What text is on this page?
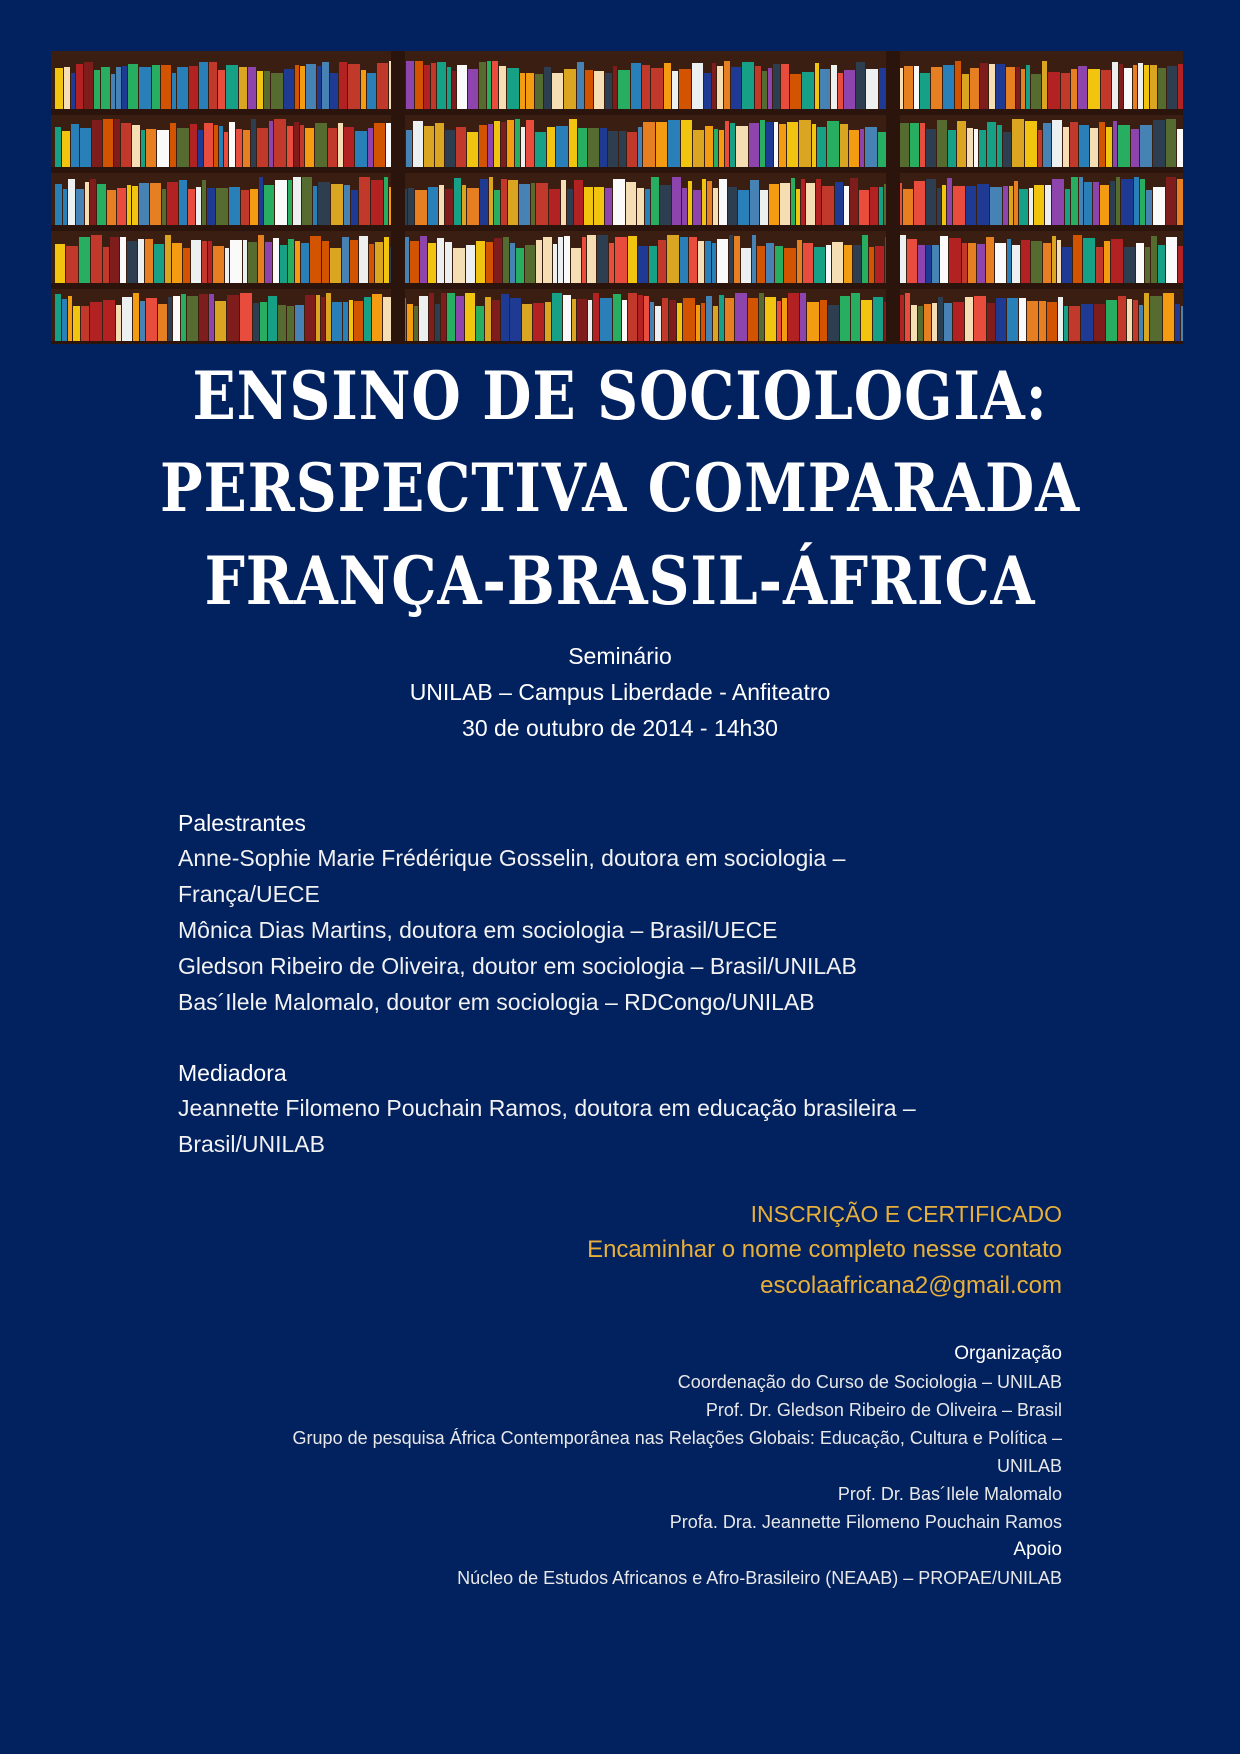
ENSINO DE SOCIOLOGIA:
PERSPECTIVA COMPARADA
FRANÇA-BRASIL-ÁFRICA
Seminário
UNILAB – Campus Liberdade - Anfiteatro
30 de outubro de 2014 - 14h30
Palestrantes

Anne-Sophie Marie Frédérique Gosselin, doutora em sociologia –

França/UECE

Mônica Dias Martins, doutora em sociologia – Brasil/UECE

Gledson Ribeiro de Oliveira, doutor em sociologia – Brasil/UNILAB

Bas´Ilele Malomalo, doutor em sociologia – RDCongo/UNILAB

Mediadora

Jeannette Filomeno Pouchain Ramos, doutora em educação brasileira –

Brasil/UNILAB

INSCRIÇÃO E CERTIFICADO

Encaminhar o nome completo nesse contato

escolaafricana2@gmail.com

Organização

Coordenação do Curso de Sociologia – UNILAB

Prof. Dr. Gledson Ribeiro de Oliveira – Brasil

Grupo de pesquisa África Contemporânea nas Relações Globais: Educação, Cultura e Política –

UNILAB

Prof. Dr. Bas´Ilele Malomalo

Profa. Dra. Jeannette Filomeno Pouchain Ramos

Apoio

Núcleo de Estudos Africanos e Afro-Brasileiro (NEAAB) – PROPAE/UNILAB
